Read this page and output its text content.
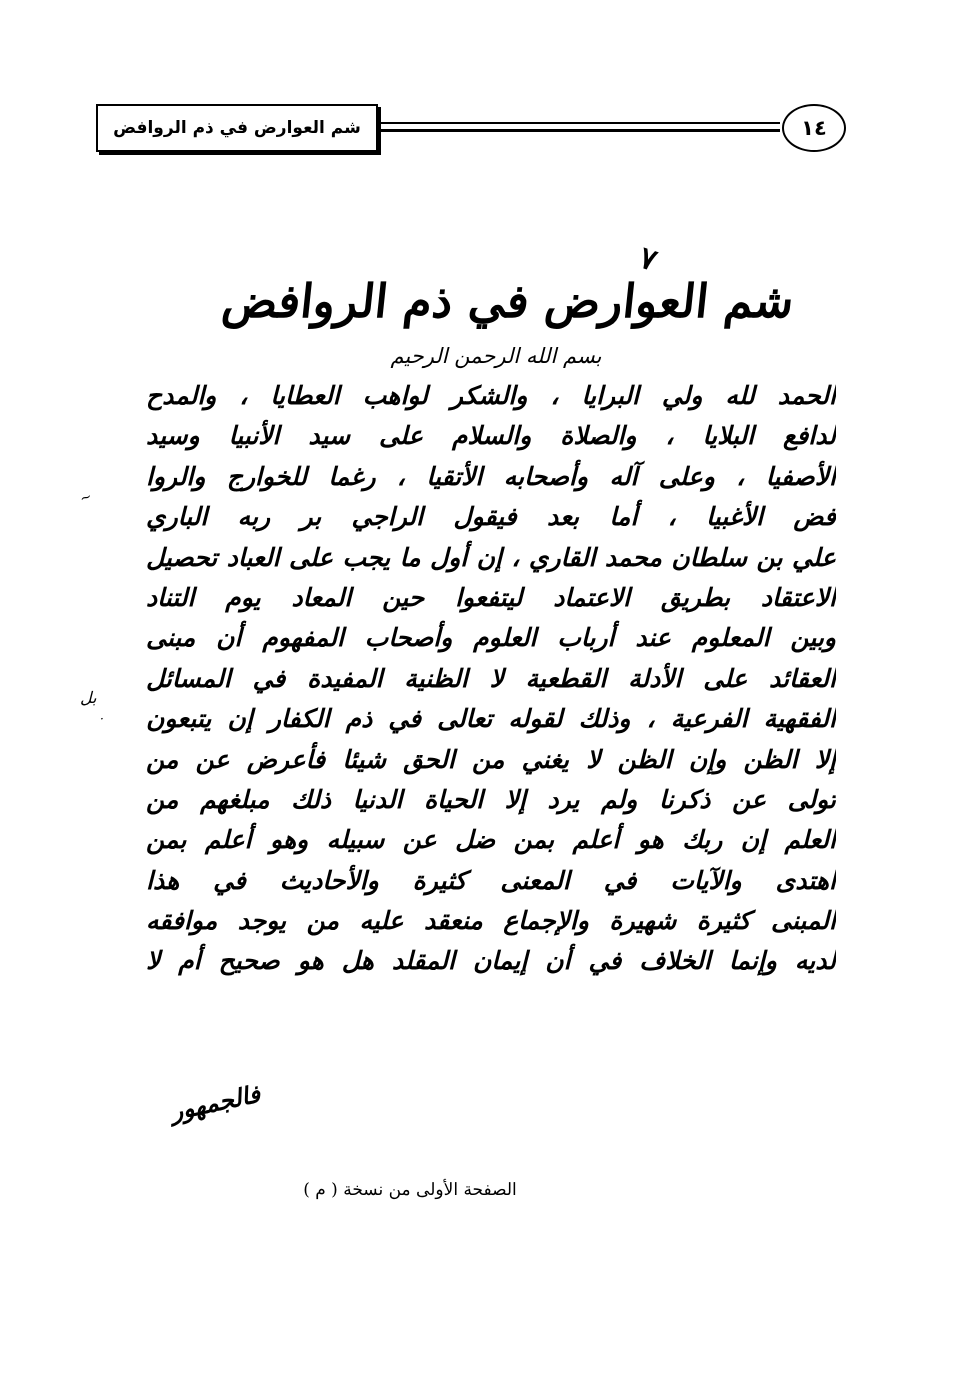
شم العوارض في ذم الروافض	١٤
٧
شم العوارض في ذم الروافض
بسم الله الرحمن الرحيم
الحمد لله ولي البرايا ، والشكر لواهب العطايا ، والمدح
لدافع البلايا ، والصلاة والسلام على سيد الأنبيا وسيد
الأصفيا ، وعلى آله وأصحابه الأتقيا ، رغما للخوارج والروا
فض الأغبيا ، أما بعد فيقول الراجي بر ربه الباري
علي بن سلطان محمد القاري ، إن أول ما يجب على العباد تحصيل
الاعتقاد بطريق الاعتماد ليتفعوا حين المعاد يوم التناد
وبين المعلوم عند أرباب العلوم وأصحاب المفهوم أن مبنى
العقائد على الأدلة القطعية لا الظنية المفيدة في المسائل
الفقهية الفرعية ، وذلك لقوله تعالى في ذم الكفار إن يتبعون
إلا الظن وإن الظن لا يغني من الحق شيئا فأعرض عن من
تولى عن ذكرنا ولم يرد إلا الحياة الدنيا ذلك مبلغهم من
العلم إن ربك هو أعلم بمن ضل عن سبيله وهو أعلم بمن
اهتدى والآيات في المعنى كثيرة والأحاديث في هذا
المبنى كثيرة شهيرة والإجماع منعقد عليه من يوجد موافقه
لديه وإنما الخلاف في أن إيمان المقلد هل هو صحيح أم لا
فالجمهور
بل
~
·
الصفحة الأولى من نسخة ( م )
